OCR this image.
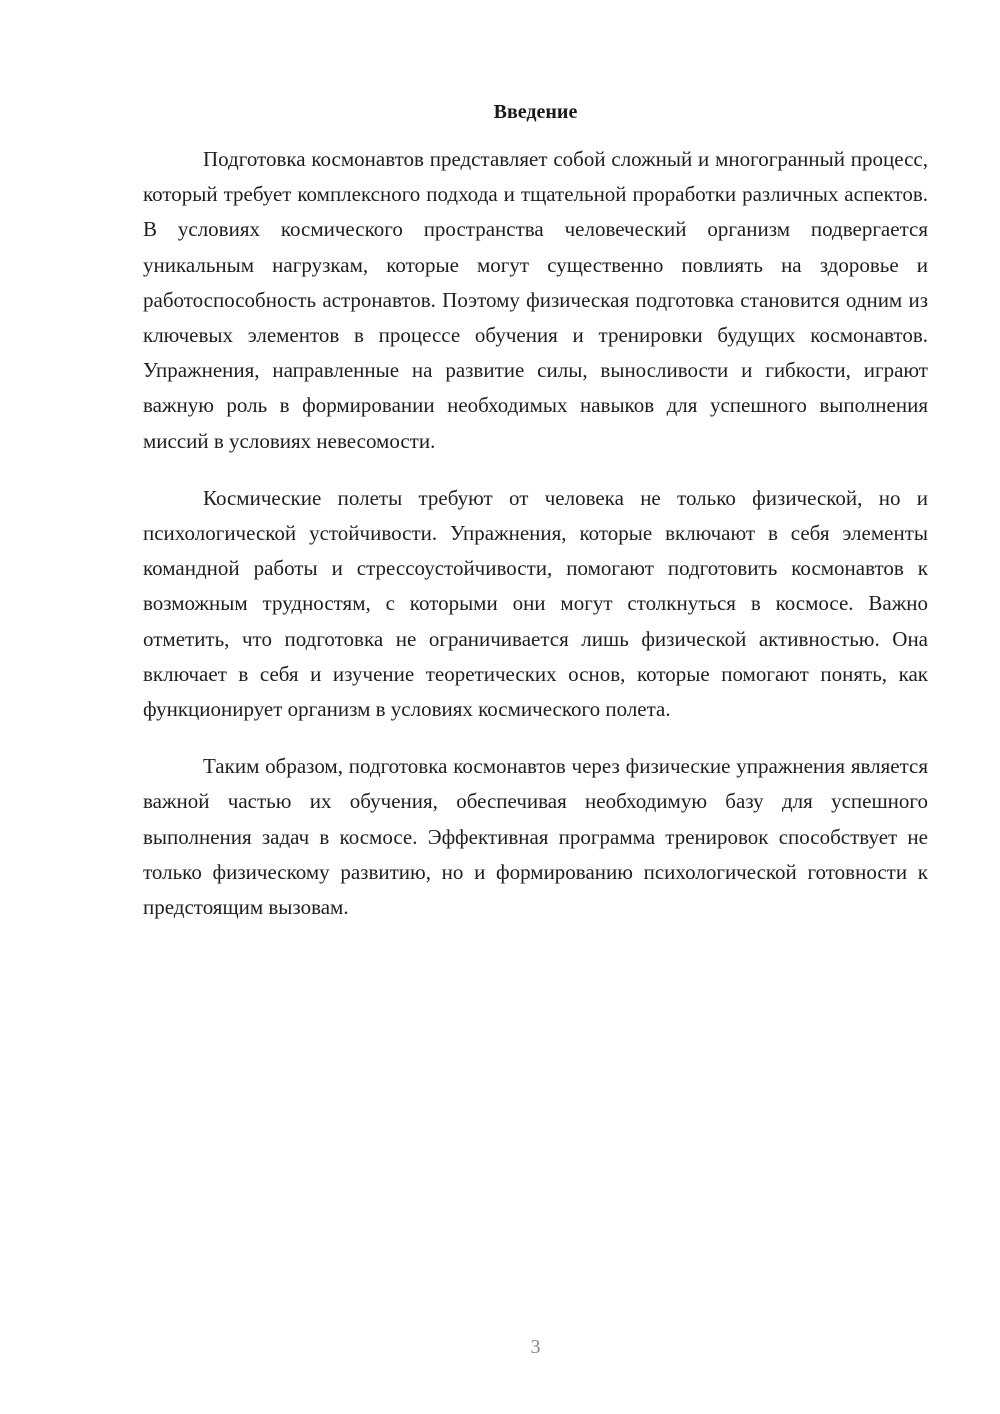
Введение

Подготовка космонавтов представляет собой сложный и многогранный процесс, который требует комплексного подхода и тщательной проработки различных аспектов. В условиях космического пространства человеческий организм подвергается уникальным нагрузкам, которые могут существенно повлиять на здоровье и работоспособность астронавтов. Поэтому физическая подготовка становится одним из ключевых элементов в процессе обучения и тренировки будущих космонавтов. Упражнения, направленные на развитие силы, выносливости и гибкости, играют важную роль в формировании необходимых навыков для успешного выполнения миссий в условиях невесомости.

Космические полеты требуют от человека не только физической, но и психологической устойчивости. Упражнения, которые включают в себя элементы командной работы и стрессоустойчивости, помогают подготовить космонавтов к возможным трудностям, с которыми они могут столкнуться в космосе. Важно отметить, что подготовка не ограничивается лишь физической активностью. Она включает в себя и изучение теоретических основ, которые помогают понять, как функционирует организм в условиях космического полета.

Таким образом, подготовка космонавтов через физические упражнения является важной частью их обучения, обеспечивая необходимую базу для успешного выполнения задач в космосе. Эффективная программа тренировок способствует не только физическому развитию, но и формированию психологической готовности к предстоящим вызовам.

3
